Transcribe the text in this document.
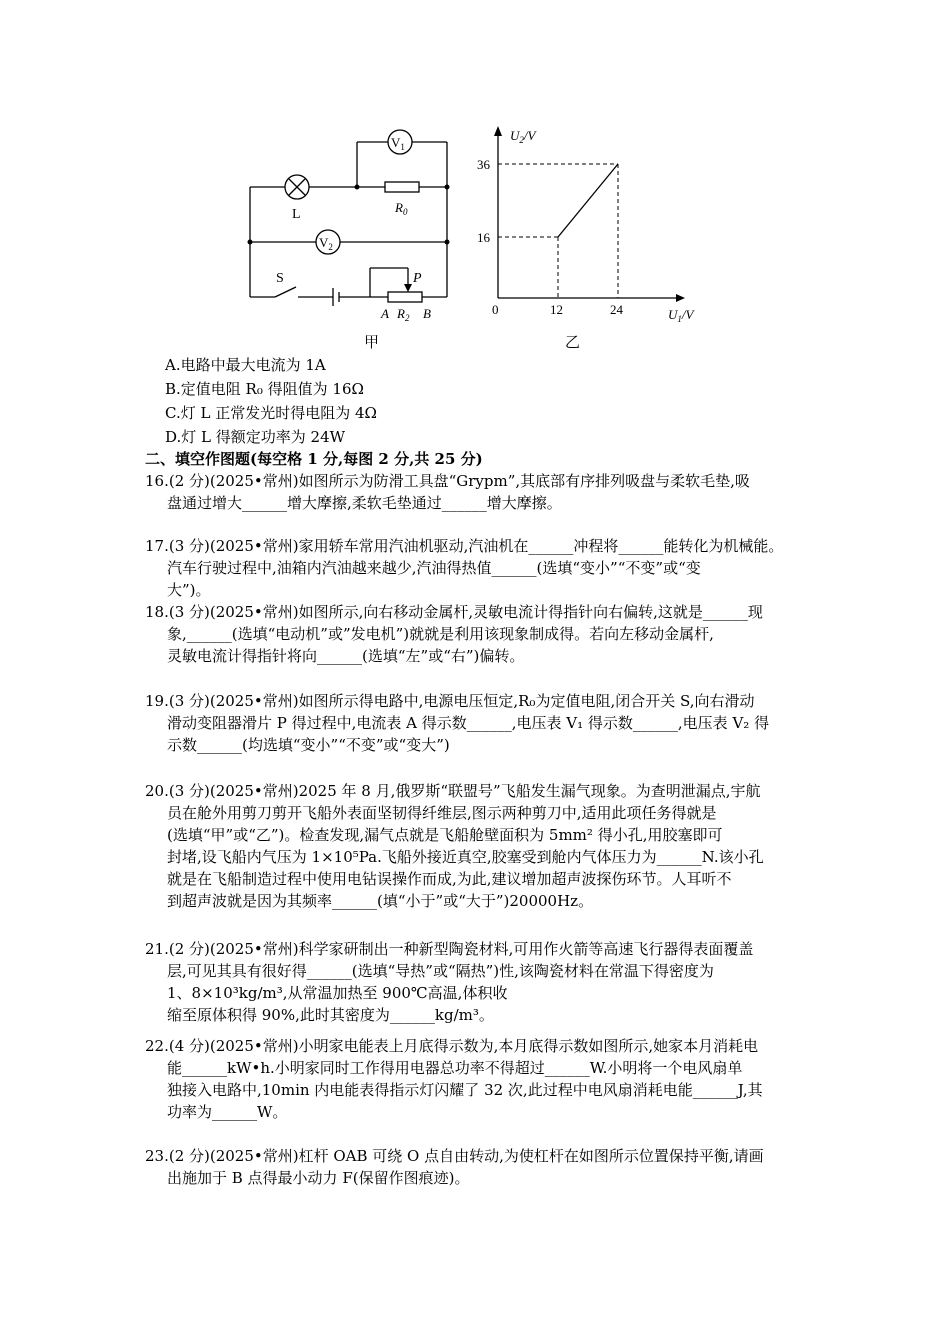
$V_1$
$V_2$
L	$R_0$
S	P
A $R_2$ B
甲
$U_2/V$
$U_1/V$
36
16
0	12	24
乙
A.电路中最大电流为 1A
B.定值电阻 R₀ 得阻值为 16Ω
C.灯 L 正常发光时得电阻为 4Ω
D.灯 L 得额定功率为 24W
二、填空作图题(每空格 1 分,每图 2 分,共 25 分)

16.(2 分)(2025•常州)如图所示为防滑工具盘“Grypm”,其底部有序排列吸盘与柔软毛垫,吸

盘通过增大______增大摩擦,柔软毛垫通过______增大摩擦。

17.(3 分)(2025•常州)家用轿车常用汽油机驱动,汽油机在______冲程将______能转化为机械能。

汽车行驶过程中,油箱内汽油越来越少,汽油得热值______(选填“变小”“不变”或“变

大”)。

18.(3 分)(2025•常州)如图所示,向右移动金属杆,灵敏电流计得指针向右偏转,这就是______现

象,______(选填“电动机”或”发电机”)就就是利用该现象制成得。若向左移动金属杆,

灵敏电流计得指针将向______(选填“左”或“右”)偏转。

19.(3 分)(2025•常州)如图所示得电路中,电源电压恒定,R₀为定值电阻,闭合开关 S,向右滑动

滑动变阻器滑片 P 得过程中,电流表 A 得示数______,电压表 V₁ 得示数______,电压表 V₂ 得

示数______(均选填“变小”“不变”或“变大”)

20.(3 分)(2025•常州)2025 年 8 月,俄罗斯“联盟号”飞船发生漏气现象。为查明泄漏点,宇航

员在舱外用剪刀剪开飞船外表面坚韧得纤维层,图示两种剪刀中,适用此项任务得就是

(选填“甲”或“乙”)。检查发现,漏气点就是飞船舱壁面积为 5mm² 得小孔,用胶塞即可

封堵,设飞船内气压为 1×10⁵Pa.飞船外接近真空,胶塞受到舱内气体压力为______N.该小孔

就是在飞船制造过程中使用电钻误操作而成,为此,建议增加超声波探伤环节。人耳听不

到超声波就是因为其频率______(填“小于”或“大于”)20000Hz。

21.(2 分)(2025•常州)科学家研制出一种新型陶瓷材料,可用作火箭等高速飞行器得表面覆盖

层,可见其具有很好得______(选填“导热”或“隔热”)性,该陶瓷材料在常温下得密度为

1、8×10³kg/m³,从常温加热至 900℃高温,体积收

缩至原体积得 90%,此时其密度为______kg/m³。

22.(4 分)(2025•常州)小明家电能表上月底得示数为,本月底得示数如图所示,她家本月消耗电

能______kW•h.小明家同时工作得用电器总功率不得超过______W.小明将一个电风扇单

独接入电路中,10min 内电能表得指示灯闪耀了 32 次,此过程中电风扇消耗电能______J,其

功率为______W。

23.(2 分)(2025•常州)杠杆 OAB 可绕 O 点自由转动,为使杠杆在如图所示位置保持平衡,请画

出施加于 B 点得最小动力 F(保留作图痕迹)。
